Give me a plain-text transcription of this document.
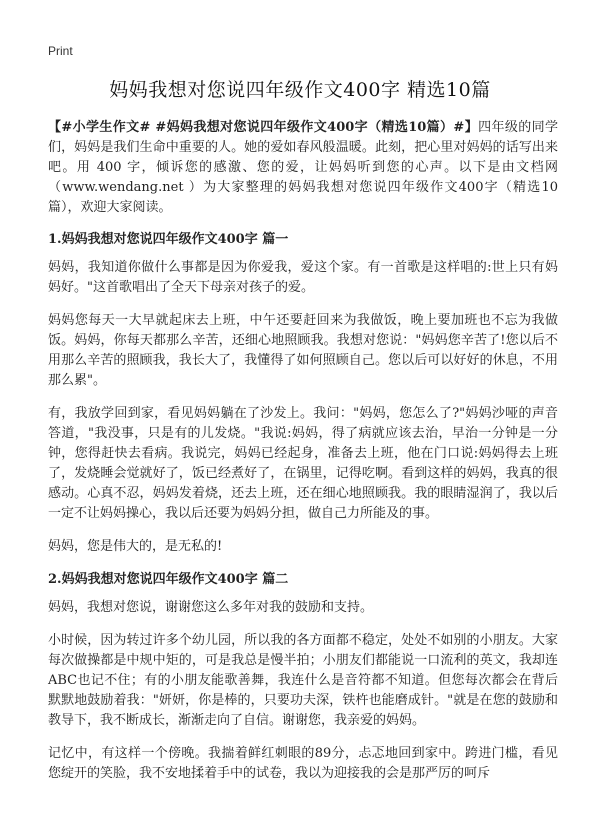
Print
妈妈我想对您说四年级作文400字 精选10篇

【#小学生作文# #妈妈我想对您说四年级作文400字（精选10篇）#】四年级的同学们，妈妈是我们生命中重要的人。她的爱如春风般温暖。此刻，把心里对妈妈的话写出来吧。用 400 字，倾诉您的感激、您的爱，让妈妈听到您的心声。以下是由文档网（www.wendang.net ）为大家整理的妈妈我想对您说四年级作文400字（精选10篇），欢迎大家阅读。

1.妈妈我想对您说四年级作文400字 篇一

妈妈，我知道你做什么事都是因为你爱我，爱这个家。有一首歌是这样唱的:世上只有妈妈好。"这首歌唱出了全天下母亲对孩子的爱。

妈妈您每天一大早就起床去上班，中午还要赶回来为我做饭，晚上要加班也不忘为我做饭。妈妈，你每天都那么辛苦，还细心地照顾我。我想对您说："妈妈您辛苦了!您以后不用那么辛苦的照顾我，我长大了，我懂得了如何照顾自己。您以后可以好好的休息，不用那么累"。

有，我放学回到家，看见妈妈躺在了沙发上。我问："妈妈，您怎么了?"妈妈沙哑的声音答道，"我没事，只是有的儿发烧。"我说:妈妈，得了病就应该去治，早治一分钟是一分钟，您得赶快去看病。我说完，妈妈已经起身，准备去上班，他在门口说:妈妈得去上班了，发烧睡会觉就好了，饭已经煮好了，在锅里，记得吃啊。看到这样的妈妈，我真的很感动。心真不忍，妈妈发着烧，还去上班，还在细心地照顾我。我的眼睛湿润了，我以后一定不让妈妈操心，我以后还要为妈妈分担，做自己力所能及的事。

妈妈，您是伟大的，是无私的!

2.妈妈我想对您说四年级作文400字 篇二

妈妈，我想对您说，谢谢您这么多年对我的鼓励和支持。

小时候，因为转过许多个幼儿园，所以我的各方面都不稳定，处处不如别的小朋友。大家每次做操都是中规中矩的，可是我总是慢半拍；小朋友们都能说一口流利的英文，我却连ABC也记不住；有的小朋友能歌善舞，我连什么是音符都不知道。但您每次都会在背后默默地鼓励着我："妍妍，你是棒的，只要功夫深，铁杵也能磨成针。"就是在您的鼓励和教导下，我不断成长，渐渐走向了自信。谢谢您，我亲爱的妈妈。

记忆中，有这样一个傍晚。我揣着鲜红刺眼的89分，忐忑地回到家中。跨进门槛，看见您绽开的笑脸，我不安地揉着手中的试卷，我以为迎接我的会是那严厉的呵斥
